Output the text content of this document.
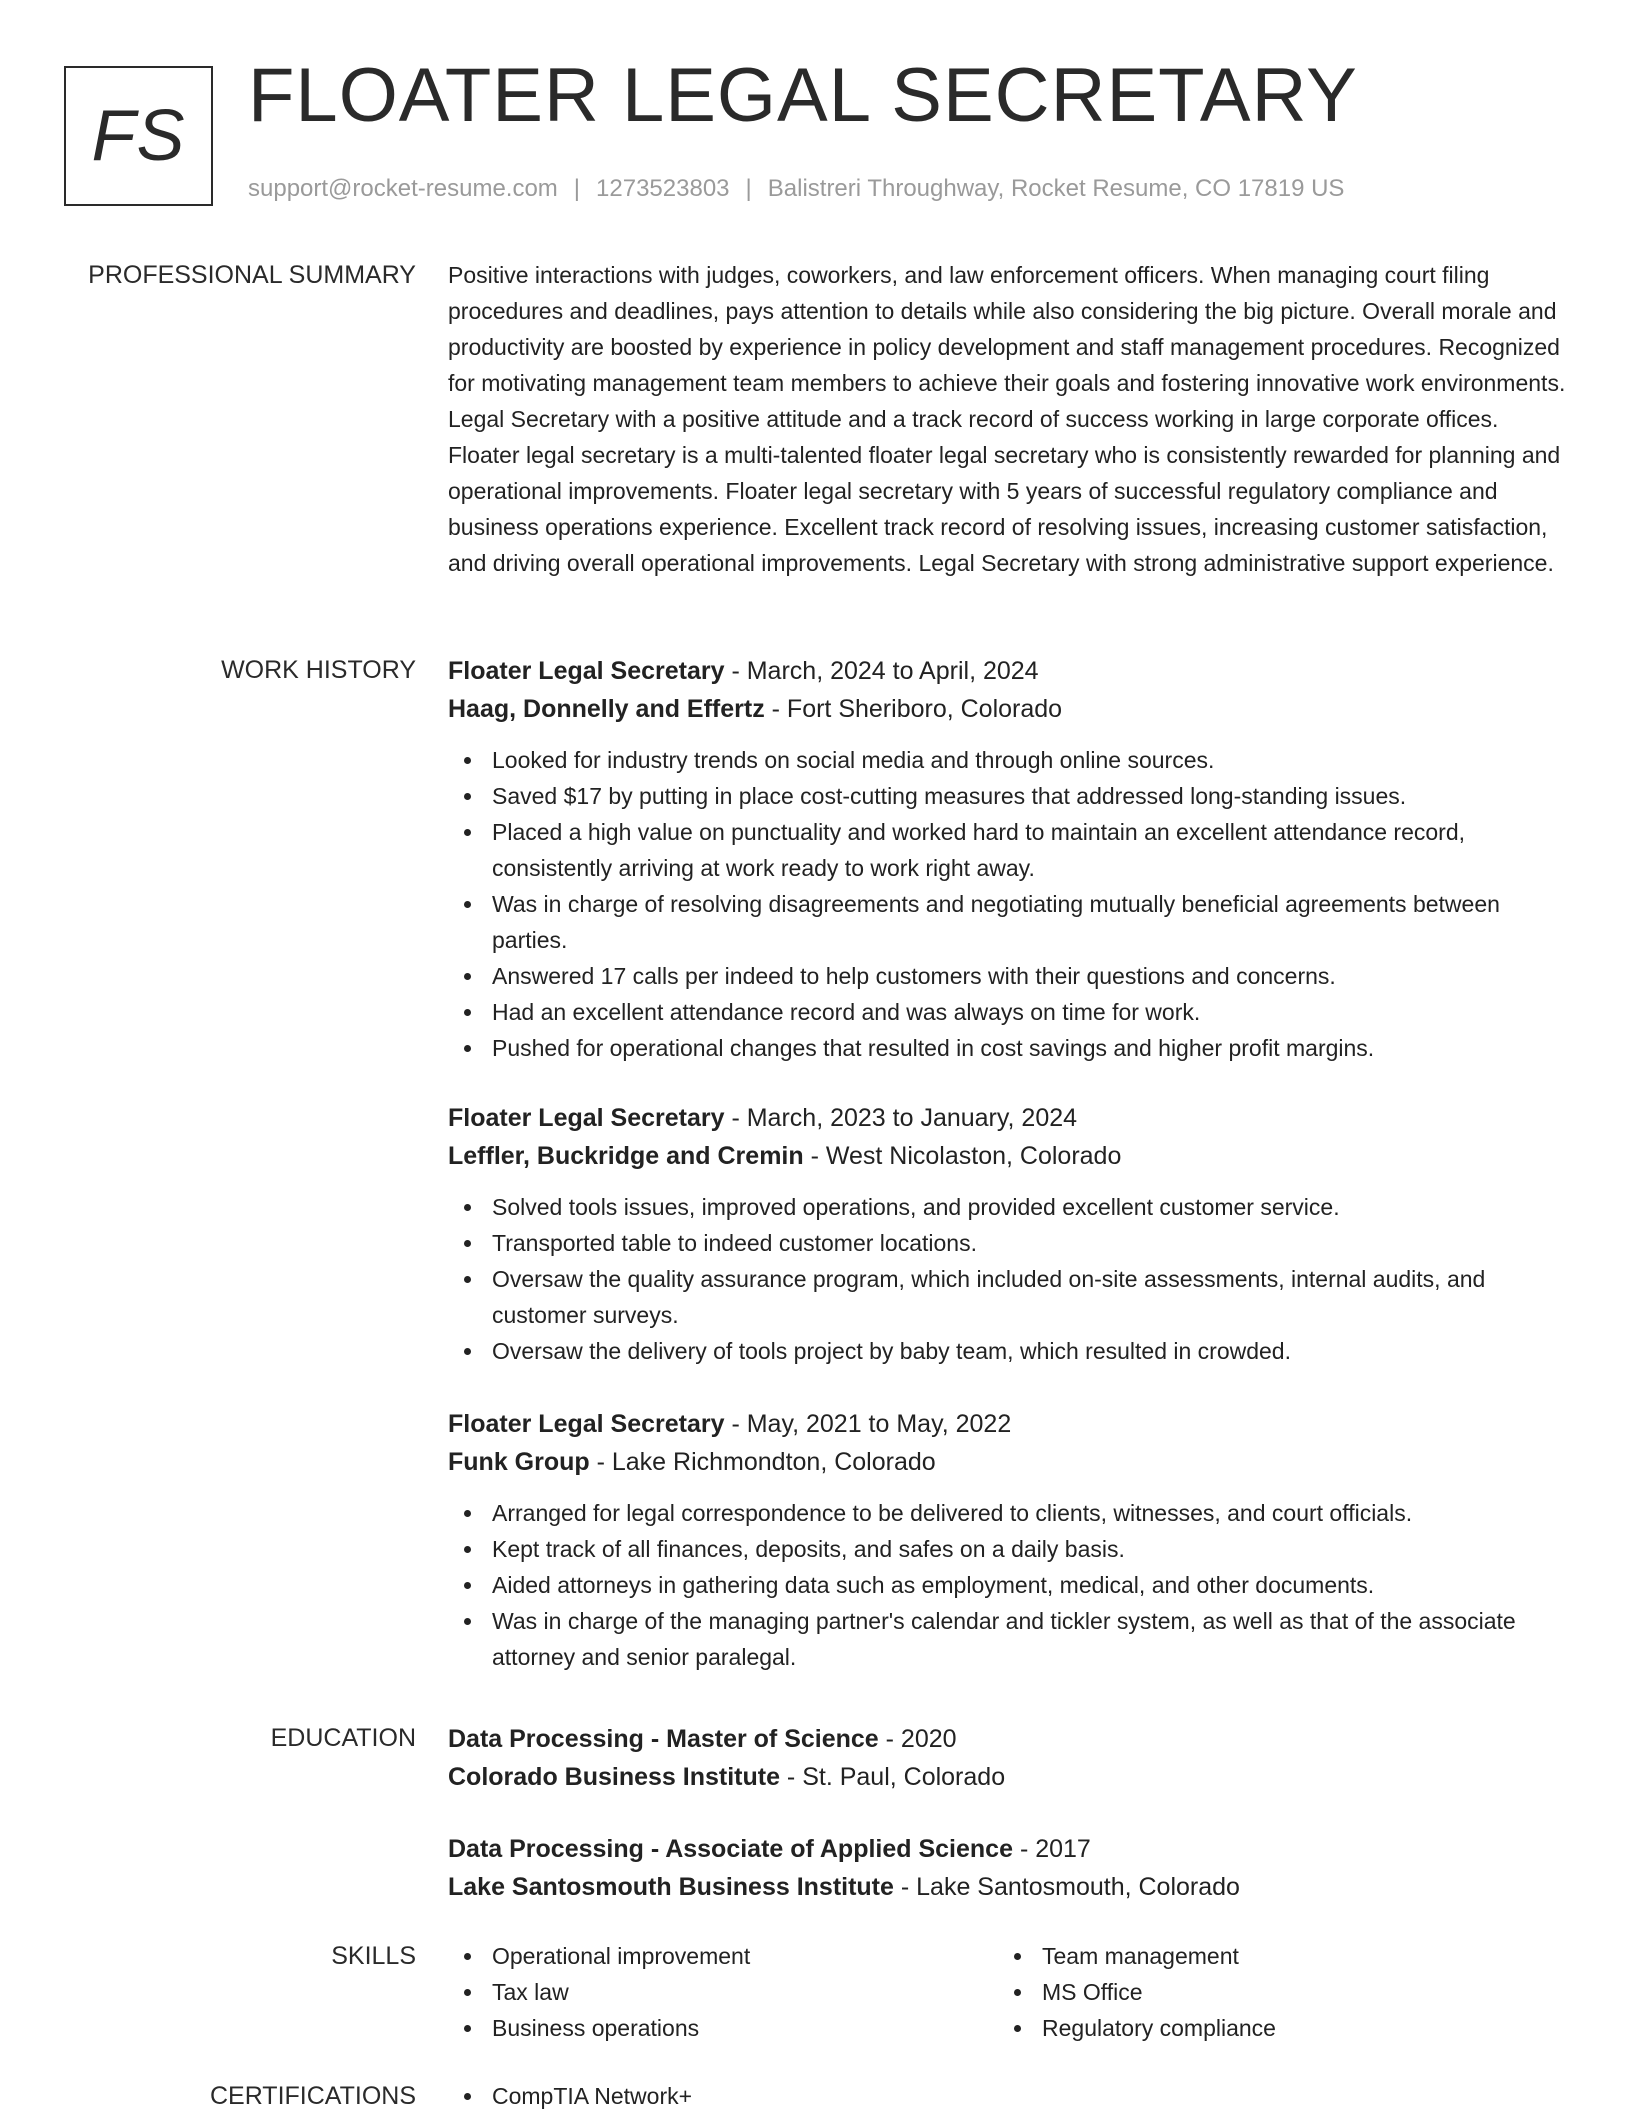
FS FLOATER LEGAL SECRETARY
support@rocket-resume.com | 1273523803 | Balistreri Throughway, Rocket Resume, CO 17819 US
PROFESSIONAL SUMMARY Positive interactions with judges, coworkers, and law enforcement officers. When managing court filing procedures and deadlines, pays attention to details while also considering the big picture. Overall morale and productivity are boosted by experience in policy development and staff management procedures. Recognized for motivating management team members to achieve their goals and fostering innovative work environments. Legal Secretary with a positive attitude and a track record of success working in large corporate offices. Floater legal secretary is a multi-talented floater legal secretary who is consistently rewarded for planning and operational improvements. Floater legal secretary with 5 years of successful regulatory compliance and business operations experience. Excellent track record of resolving issues, increasing customer satisfaction, and driving overall operational improvements. Legal Secretary with strong administrative support experience.

WORK HISTORY Floater Legal Secretary - March, 2024 to April, 2024
Haag, Donnelly and Effertz - Fort Sheriboro, Colorado
Looked for industry trends on social media and through online sources.
Saved $17 by putting in place cost-cutting measures that addressed long-standing issues.
Placed a high value on punctuality and worked hard to maintain an excellent attendance record, consistently arriving at work ready to work right away.
Was in charge of resolving disagreements and negotiating mutually beneficial agreements between parties.
Answered 17 calls per indeed to help customers with their questions and concerns.
Had an excellent attendance record and was always on time for work.
Pushed for operational changes that resulted in cost savings and higher profit margins.
Floater Legal Secretary - March, 2023 to January, 2024
Leffler, Buckridge and Cremin - West Nicolaston, Colorado
Solved tools issues, improved operations, and provided excellent customer service.
Transported table to indeed customer locations.
Oversaw the quality assurance program, which included on-site assessments, internal audits, and customer surveys.
Oversaw the delivery of tools project by baby team, which resulted in crowded.
Floater Legal Secretary - May, 2021 to May, 2022
Funk Group - Lake Richmondton, Colorado
Arranged for legal correspondence to be delivered to clients, witnesses, and court officials.
Kept track of all finances, deposits, and safes on a daily basis.
Aided attorneys in gathering data such as employment, medical, and other documents.
Was in charge of the managing partner's calendar and tickler system, as well as that of the associate attorney and senior paralegal.
EDUCATION Data Processing - Master of Science - 2020
Colorado Business Institute - St. Paul, Colorado
Data Processing - Associate of Applied Science - 2017
Lake Santosmouth Business Institute - Lake Santosmouth, Colorado
SKILLS	Operational improvement
Tax law
Business operations
Team management
MS Office
Regulatory compliance
CERTIFICATIONS	CompTIA Network+
